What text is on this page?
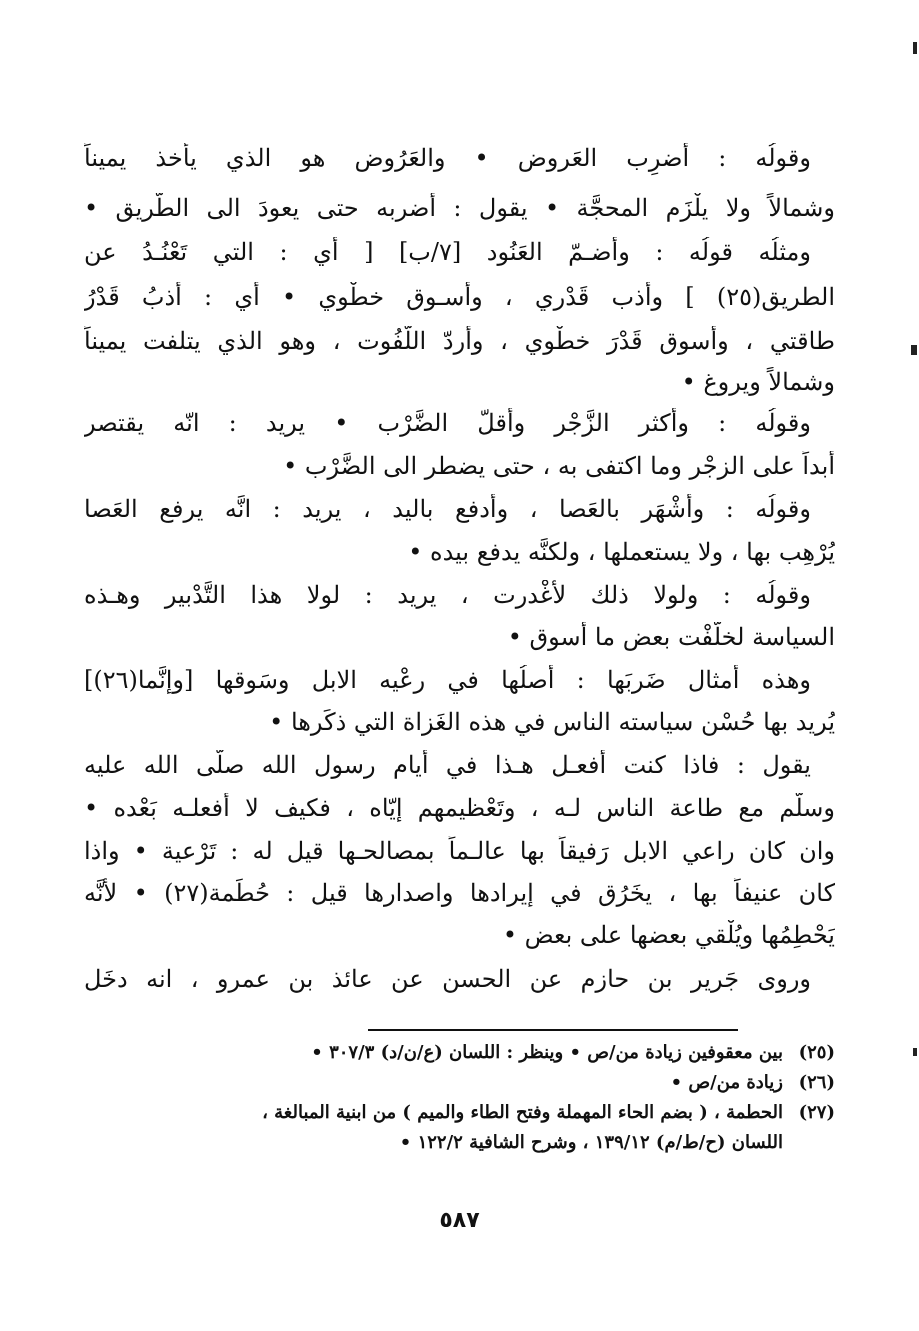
وقولُه : أضرِب العَروض • والعَرُوض هو الذي يأْخذ يميناً
وشمالاً ولا يلْزَم المحجَّة • يقول : أضربه حتى يعودَ الى الطَّريق •
ومثلُه قولُه : وأَضـمّ العَنُود [٧/ب] [ أي : التي تَعْنُـدُ عن
الطريق(٢٥) ] وأَذب قَدْري ، وأَسـوق خطْوي • أي : أذبُ قَدْرُ
طاقتي ، وأَسوق قَدْرَ خطْوي ، وأردّ اللَّفُوت ، وهو الذي يتلفت يميناً
وشمالاً ويروغ •
وقولُه : وأُكثر الزَّجْر وأُقلّ الضَّرْب • يريد : انّه يقتصر
أَبداً على الزجْر وما اكتفى به ، حتى يضطر الى الضَّرْب •
وقولُه : وأَشْهَر بالعَصا ، وأَدفع باليد ، يريد : انَّه يرفع العَصا
يُرْهِب بها ، ولا يستعملها ، ولكنَّه يدفع بيده •
وقولُه : ولولا ذلك لأَغْدرت ، يريد : لولا هذا التَّدْبير وهـذه
السياسة لخلّفْت بعض ما أَسوق •
وهذه أمثال ضَربَها : أصلُها في رعْيه الابل وسَوقها [وإنَّما(٢٦)]
يُريد بها حُسْن سياسته الناس في هذه الغَزاة التي ذكَرها •
يقول : فاذا كنت أَفعـل هـذا في أَيام رسول الله صلّى الله عليه
وسلّم مع طاعة الناس لـه ، وتَعْظيمهم إيّاه ، فكيف لا أَفعلـه بَعْده •
وان كان راعي الابل رَفيقاً بها عالـماً بمصالحـها قيل له : تَرْعية • واذا
كان عنيفاً بها ، يخَرُق في إيرادها واصدارها قيل : حُطَمة(٢٧) • لأنَّه
يَحْطِمُها ويُلْقي بعضها على بعض •
وروى جَرير بن حازم عن الحسن عن عائذ بن عمرو ، انه دخَل
(٢٥)بين معقوفين زيادة من/ص • وينظر : اللسان (ع/ن/د) ٣٠٧/٣ •
(٢٦)زيادة من/ص •
(٢٧)الحطمة ، ( بضم الحاء المهملة وفتح الطاء والميم ) من ابنية المبالغة ،
اللسان (ح/ط/م) ١٣٩/١٢ ، وشرح الشافية ١٢٢/٢ •
٥٨٧
